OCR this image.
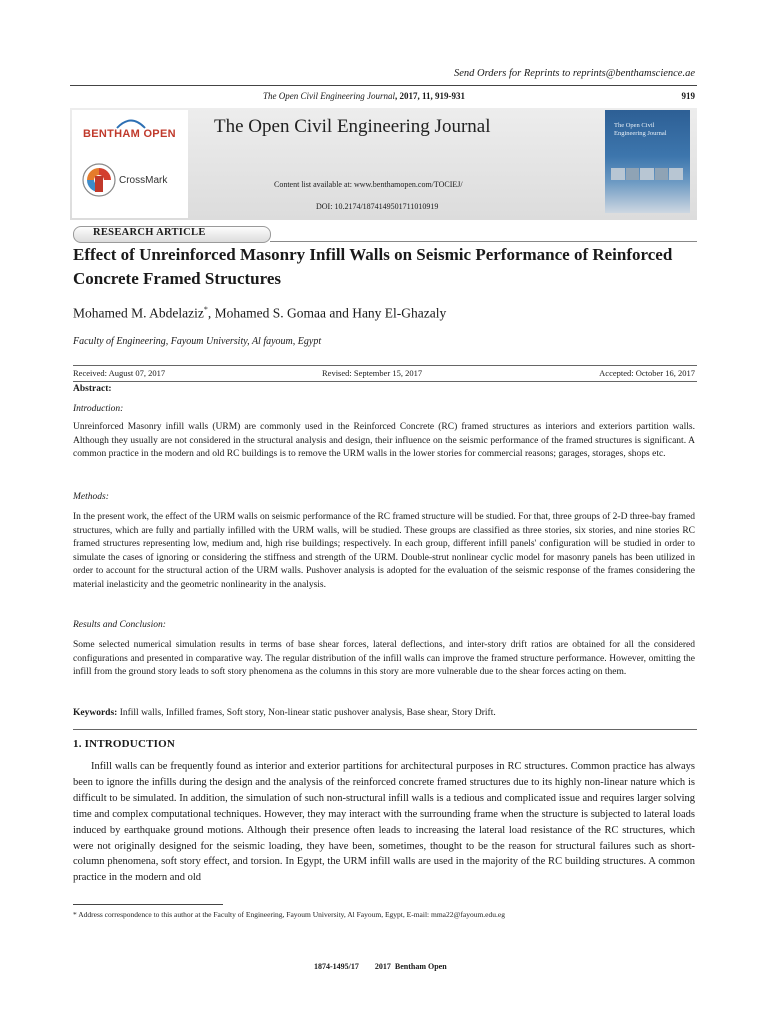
Send Orders for Reprints to reprints@benthamscience.ae
The Open Civil Engineering Journal, 2017, 11, 919-931	919
BENTHAM OPEN
CrossMark
The Open Civil Engineering Journal
Content list available at: www.benthamopen.com/TOCIEJ/
DOI: 10.2174/1874149501711010919
The Open Civil Engineering Journal
RESEARCH ARTICLE
Effect of Unreinforced Masonry Infill Walls on Seismic Performance of Reinforced Concrete Framed Structures
Mohamed M. Abdelaziz*, Mohamed S. Gomaa and Hany El-Ghazaly
Faculty of Engineering, Fayoum University, Al fayoum, Egypt
Received: August 07, 2017	Revised: September 15, 2017	Accepted: October 16, 2017
Abstract:
Introduction:
Unreinforced Masonry infill walls (URM) are commonly used in the Reinforced Concrete (RC) framed structures as interiors and exteriors partition walls. Although they usually are not considered in the structural analysis and design, their influence on the seismic performance of the framed structures is significant. A common practice in the modern and old RC buildings is to remove the URM walls in the lower stories for commercial reasons; garages, storages, shops etc.
Methods:
In the present work, the effect of the URM walls on seismic performance of the RC framed structure will be studied. For that, three groups of 2-D three-bay framed structures, which are fully and partially infilled with the URM walls, will be studied. These groups are classified as three stories, six stories, and nine stories RC framed structures representing low, medium and, high rise buildings; respectively. In each group, different infill panels' configuration will be studied in order to simulate the cases of ignoring or considering the stiffness and strength of the URM. Double-strut nonlinear cyclic model for masonry panels has been utilized in order to account for the structural action of the URM walls. Pushover analysis is adopted for the evaluation of the seismic response of the frames considering the material inelasticity and the geometric nonlinearity in the analysis.
Results and Conclusion:
Some selected numerical simulation results in terms of base shear forces, lateral deflections, and inter-story drift ratios are obtained for all the considered configurations and presented in comparative way. The regular distribution of the infill walls can improve the framed structure performance. However, omitting the infill from the ground story leads to soft story phenomena as the columns in this story are more vulnerable due to the shear forces acting on them.
Keywords: Infill walls, Infilled frames, Soft story, Non-linear static pushover analysis, Base shear, Story Drift.
1. INTRODUCTION
Infill walls can be frequently found as interior and exterior partitions for architectural purposes in RC structures. Common practice has always been to ignore the infills during the design and the analysis of the reinforced concrete framed structures due to its highly non-linear nature which is difficult to be simulated. In addition, the simulation of such non-structural infill walls is a tedious and complicated issue and requires larger solving time and complex computational techniques. However, they may interact with the surrounding frame when the structure is subjected to lateral loads induced by earthquake ground motions. Although their presence often leads to increasing the lateral load resistance of the RC structures, which were not originally designed for the seismic loading, they have been, sometimes, thought to be the reason for structural failures such as short-column phenomena, soft story effect, and torsion. In Egypt, the URM infill walls are used in the majority of the RC building structures. A common practice in the modern and old
* Address correspondence to this author at the Faculty of Engineering, Fayoum University, Al Fayoum, Egypt, E-mail: mma22@fayoum.edu.eg
1874-1495/17        2017  Bentham Open
